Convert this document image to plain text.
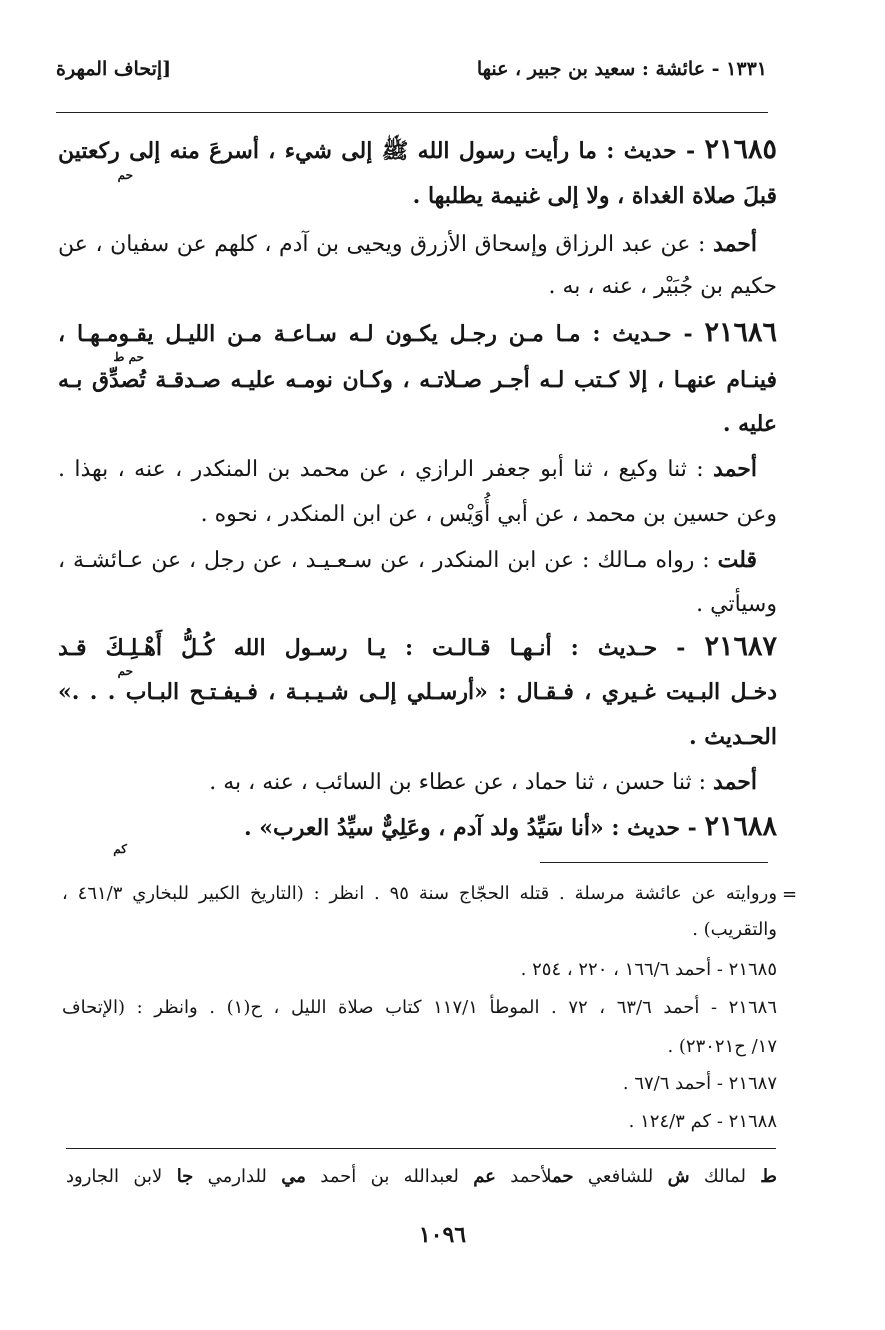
١٣٣١ - عائشة : سعيد بن جبير ، عنها
[إتحاف المهرة
٢١٦٨٥ - حديث : ما رأيت رسول الله ﷺ إلى شيء ، أسرعَ منه إلى ركعتين
حم
قبلَ صلاة الغداة ، ولا إلى غنيمة يطلبها .
أحمد : عن عبد الرزاق وإسحاق الأزرق ويحيى بن آدم ، كلهم عن سفيان ، عن
حكيم بن جُبَيْر ، عنه ، به .
٢١٦٨٦ - حـديث : مـا مـن رجـل يكـون لـه سـاعـة مـن الليـل يقـومـهـا ،
حم ط
فينـام عنهـا ، إلا كـتب لـه أجـر صـلاتـه ، وكـان نومـه عليـه صـدقـة تُصدِّق بـه
عليه .
أحمد : ثنا وكيع ، ثنا أبو جعفر الرازي ، عن محمد بن المنكدر ، عنه ، بهذا .
وعن حسين بن محمد ، عن أبي أُوَيْس ، عن ابن المنكدر ، نحوه .
قلت : رواه مـالك : عن ابن المنكدر ، عن سـعـيـد ، عن رجل ، عن عـائشـة ،
وسيأتي .
٢١٦٨٧ - حـديث : أنـهـا قـالـت : يـا رسـول الله كُـلُّ أَهْـلِـكَ قـد
حم
دخـل البـيت غـيري ، فـقـال : «أرسـلي إلـى شـيـبـة ، فـيفـتـح البـاب . . .»
الحـديث .
أحمد : ثنا حسن ، ثنا حماد ، عن عطاء بن السائب ، عنه ، به .
٢١٦٨٨ - حديث : «أنا سَيِّدُ ولد آدم ، وعَلِيٌّ سيِّدُ العرب» .
كم
=
وروايته عن عائشة مرسلة . قتله الحجّاج سنة ٩٥ . انظر : (التاريخ الكبير للبخاري ٤٦١/٣ ،
والتقريب) .
٢١٦٨٥ - أحمد ١٦٦/٦ ، ٢٢٠ ، ٢٥٤ .
٢١٦٨٦ - أحمد ٦٣/٦ ، ٧٢ . الموطأ ١١٧/١ كتاب صلاة الليل ، ح(١) . وانظر : (الإتحاف
١٧/ ح٢٣٠٢١) .
٢١٦٨٧ - أحمد ٦٧/٦ .
٢١٦٨٨ - كم ١٢٤/٣ .
ط لمالك ش للشافعي حملأحمد عم لعبدالله بن أحمد مي للدارمي جا لابن الجارود
١٠٩٦
